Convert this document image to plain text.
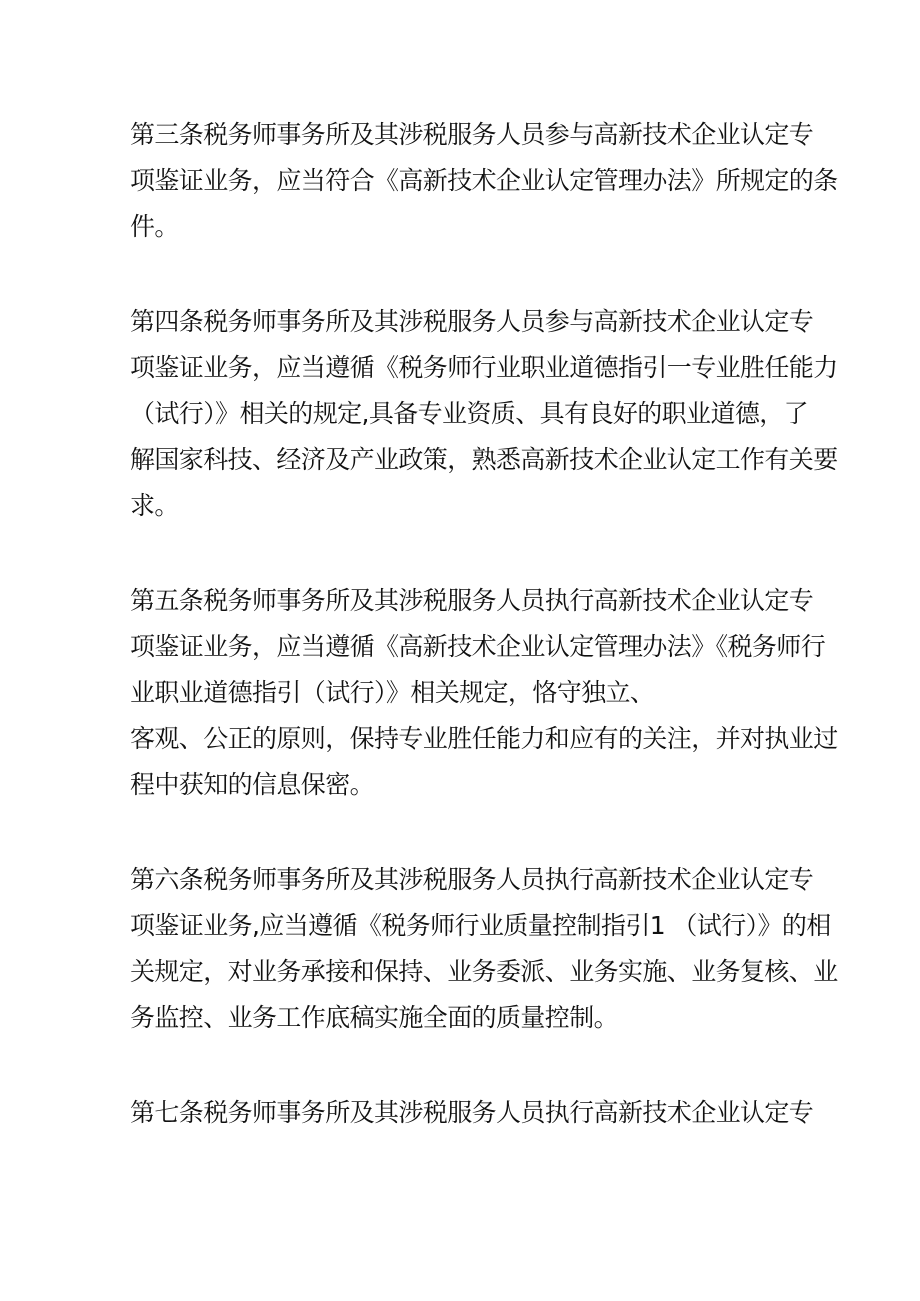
第三条税务师事务所及其涉税服务人员参与高新技术企业认定专
项鉴证业务，应当符合《高新技术企业认定管理办法》所规定的条
件。
第四条税务师事务所及其涉税服务人员参与高新技术企业认定专
项鉴证业务，应当遵循《税务师行业职业道德指引一专业胜任能力
（试行）》相关的规定,具备专业资质、具有良好的职业道德，了
解国家科技、经济及产业政策，熟悉高新技术企业认定工作有关要
求。
第五条税务师事务所及其涉税服务人员执行高新技术企业认定专
项鉴证业务，应当遵循《高新技术企业认定管理办法》《税务师行
业职业道德指引（试行）》相关规定，恪守独立、
客观、公正的原则，保持专业胜任能力和应有的关注，并对执业过
程中获知的信息保密。
第六条税务师事务所及其涉税服务人员执行高新技术企业认定专
项鉴证业务,应当遵循《税务师行业质量控制指引1 （试行）》的相
关规定，对业务承接和保持、业务委派、业务实施、业务复核、业
务监控、业务工作底稿实施全面的质量控制。
第七条税务师事务所及其涉税服务人员执行高新技术企业认定专
